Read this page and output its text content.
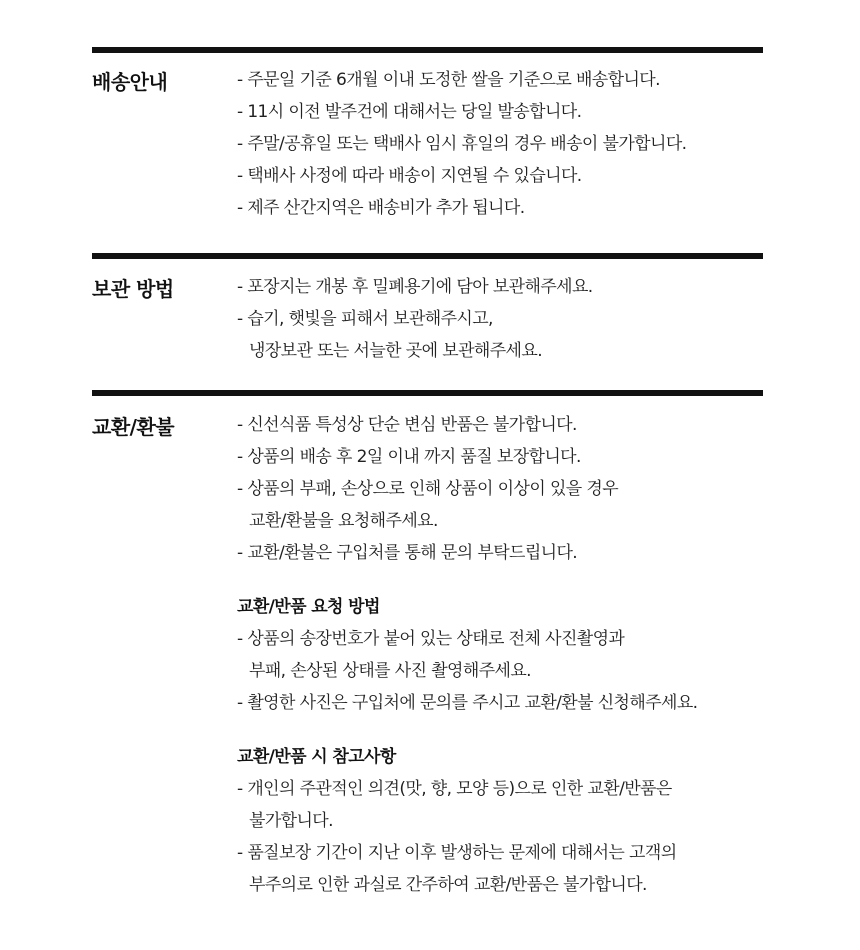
배송안내	- 주문일 기준 6개월 이내 도정한 쌀을 기준으로 배송합니다.
- 11시 이전 발주건에 대해서는 당일 발송합니다.
- 주말/공휴일 또는 택배사 임시 휴일의 경우 배송이 불가합니다.
- 택배사 사정에 따라 배송이 지연될 수 있습니다.
- 제주 산간지역은 배송비가 추가 됩니다.
보관 방법	- 포장지는 개봉 후 밀폐용기에 담아 보관해주세요.
- 습기, 햇빛을 피해서 보관해주시고,
냉장보관 또는 서늘한 곳에 보관해주세요.
교환/환불	- 신선식품 특성상 단순 변심 반품은 불가합니다.
- 상품의 배송 후 2일 이내 까지 품질 보장합니다.
- 상품의 부패, 손상으로 인해 상품이 이상이 있을 경우
교환/환불을 요청해주세요.
- 교환/환불은 구입처를 통해 문의 부탁드립니다.
교환/반품 요청 방법
- 상품의 송장번호가 붙어 있는 상태로 전체 사진촬영과
부패, 손상된 상태를 사진 촬영해주세요.
- 촬영한 사진은 구입처에 문의를 주시고 교환/환불 신청해주세요.
교환/반품 시 참고사항
- 개인의 주관적인 의견(맛, 향, 모양 등)으로 인한 교환/반품은
불가합니다.
- 품질보장 기간이 지난 이후 발생하는 문제에 대해서는 고객의
부주의로 인한 과실로 간주하여 교환/반품은 불가합니다.
